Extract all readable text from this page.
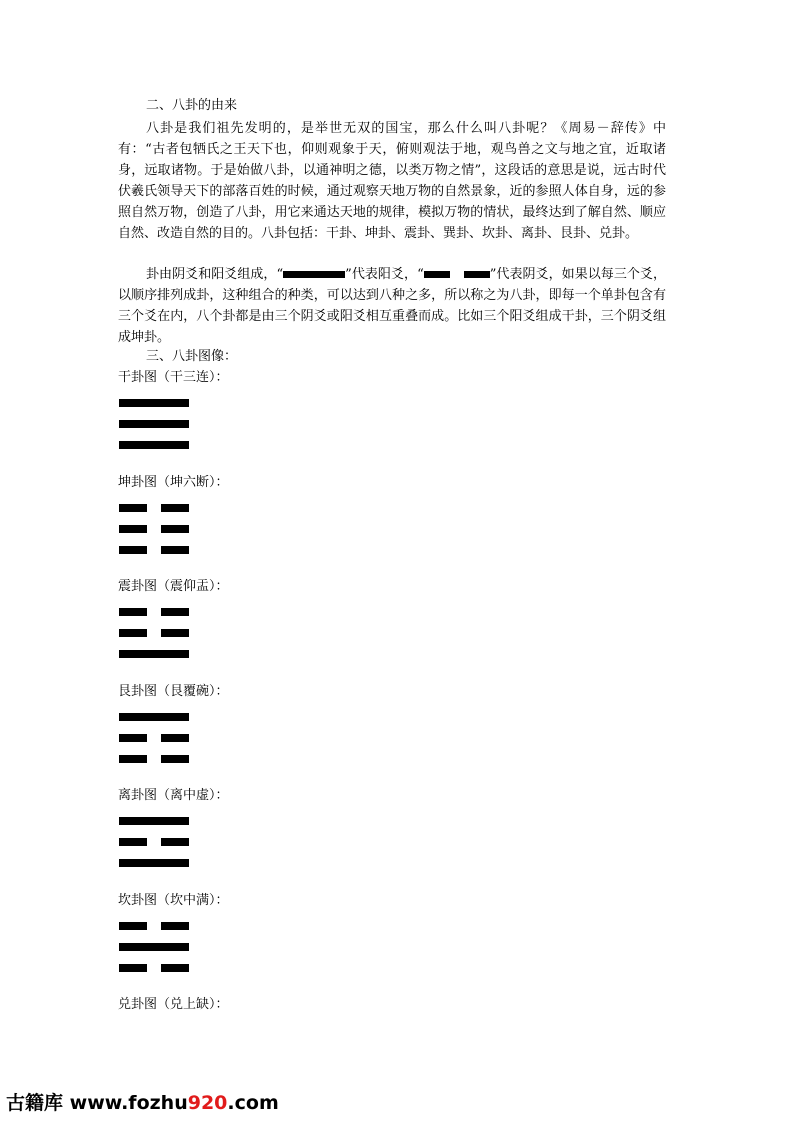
二、八卦的由来

八卦是我们祖先发明的，是举世无双的国宝，那么什么叫八卦呢？《周易－辞传》中有：“古者包牺氏之王天下也，仰则观象于天，俯则观法于地，观鸟兽之文与地之宜，近取诸身，远取诸物。于是始做八卦，以通神明之德，以类万物之情”，这段话的意思是说，远古时代伏羲氏领导天下的部落百姓的时候，通过观察天地万物的自然景象，近的参照人体自身，远的参照自然万物，创造了八卦，用它来通达天地的规律，模拟万物的情状，最终达到了解自然、顺应自然、改造自然的目的。八卦包括：干卦、坤卦、震卦、巽卦、坎卦、离卦、艮卦、兑卦。

卦由阴爻和阳爻组成，“	”代表阳爻，“	”代表阴爻，如果以每三个爻，以顺序排列成卦，这种组合的种类，可以达到八种之多，所以称之为八卦，即每一个单卦包含有三个爻在内，八个卦都是由三个阴爻或阳爻相互重叠而成。比如三个阳爻组成干卦，三个阴爻组成坤卦。

三、八卦图像：
干卦图（干三连）：
坤卦图（坤六断）：
震卦图（震仰盂）：
艮卦图（艮覆碗）：
离卦图（离中虚）：
坎卦图（坎中满）：
兑卦图（兑上缺）：
古籍库 www.fozhu920.com
